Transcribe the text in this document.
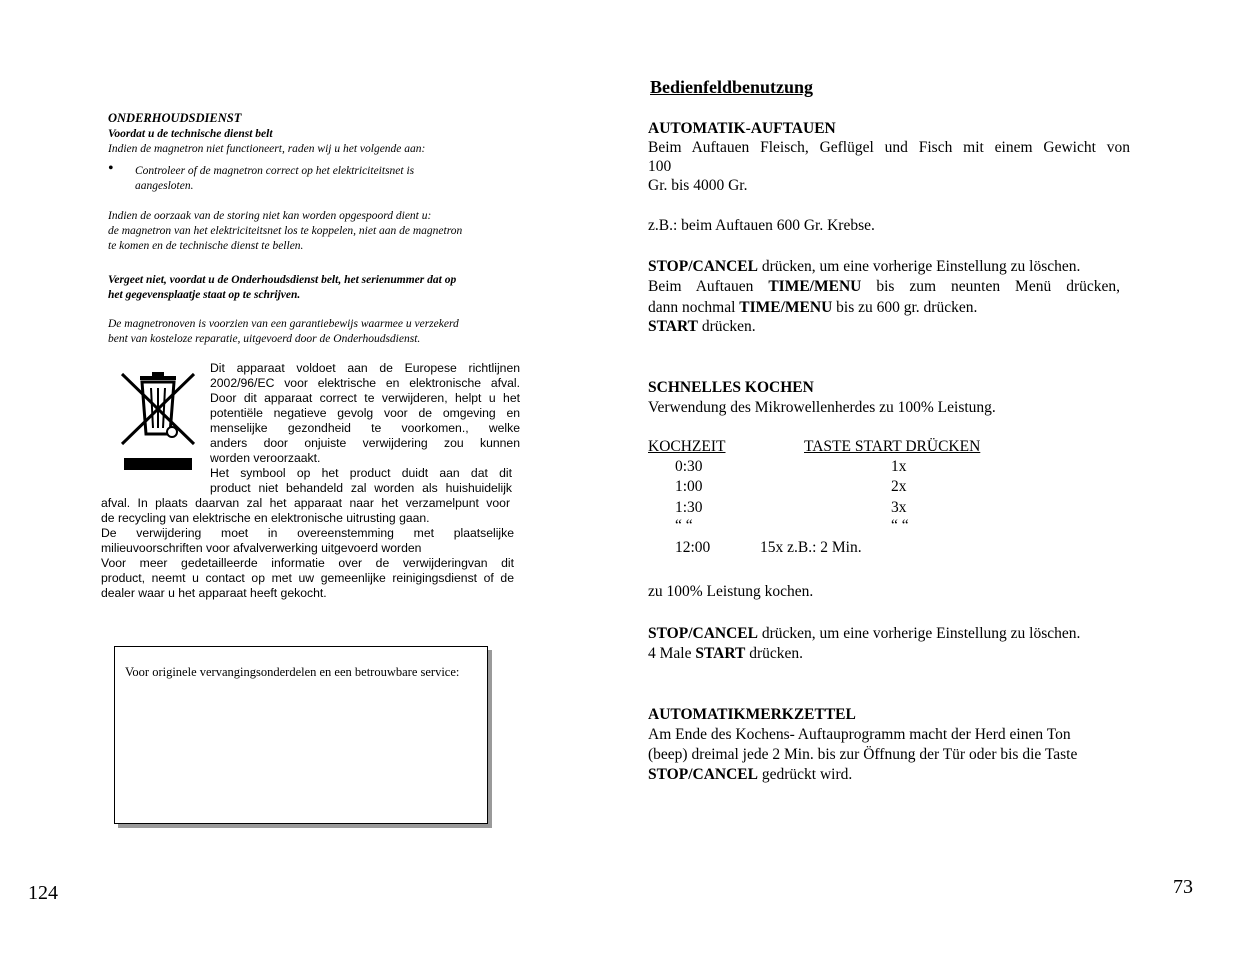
ONDERHOUDSDIENST
Voordat u de technische dienst belt
Indien de magnetron niet functioneert, raden wij u het volgende aan:
• Controleer of de magnetron correct op het elektriciteitsnet is
aangesloten.
Indien de oorzaak van de storing niet kan worden opgespoord dient u:
de magnetron van het elektriciteitsnet los te koppelen, niet aan de magnetron
te komen en de technische dienst te bellen.
Vergeet niet, voordat u de Onderhoudsdienst belt, het serienummer dat op
het gegevensplaatje staat op te schrijven.
De magnetronoven is voorzien van een garantiebewijs waarmee u verzekerd
bent van kosteloze reparatie, uitgevoerd door de Onderhoudsdienst.
Dit apparaat voldoet aan de Europese richtlijnen
2002/96/EC voor elektrische en elektronische afval.
Door dit apparaat correct te verwijderen, helpt u het
potentiële negatieve gevolg voor de omgeving en
menselijke gezondheid te voorkomen., welke
anders door onjuiste verwijdering zou kunnen
worden veroorzaakt.
Het symbool op het product duidt aan dat dit
product niet behandeld zal worden als huishuidelijk
afval. In plaats daarvan zal het apparaat naar het verzamelpunt voor
de recycling van elektrische en elektronische uitrusting gaan.
De verwijdering moet in overeenstemming met plaatselijke
milieuvoorschriften voor afvalverwerking uitgevoerd worden
Voor meer gedetailleerde informatie over de verwijderingvan dit
product, neemt u contact op met uw gemeenlijke reinigingsdienst of de
dealer waar u het apparaat heeft gekocht.
Voor originele vervangingsonderdelen en een betrouwbare service:
124
Bedienfeldbenutzung
AUTOMATIK-AUFTAUEN
Beim Auftauen Fleisch, Geflügel und Fisch mit einem Gewicht von
100
Gr. bis 4000 Gr.
z.B.: beim Auftauen 600 Gr. Krebse.
STOP/CANCEL drücken, um eine vorherige Einstellung zu löschen.
Beim Auftauen TIME/MENU bis zum neunten Menü drücken,
dann nochmal TIME/MENU bis zu 600 gr. drücken.
START drücken.
SCHNELLES KOCHEN
Verwendung des Mikrowellenherdes zu 100% Leistung.
KOCHZEIT	TASTE START DRÜCKEN
0:30	1x
1:00	2x
1:30	3x
“ “	“ “
12:00	15x z.B.: 2 Min.
zu 100% Leistung kochen.
STOP/CANCEL drücken, um eine vorherige Einstellung zu löschen.
4 Male START drücken.
AUTOMATIKMERKZETTEL
Am Ende des Kochens- Auftauprogramm macht der Herd einen Ton
(beep) dreimal jede 2 Min. bis zur Öffnung der Tür oder bis die Taste
STOP/CANCEL gedrückt wird.
73
